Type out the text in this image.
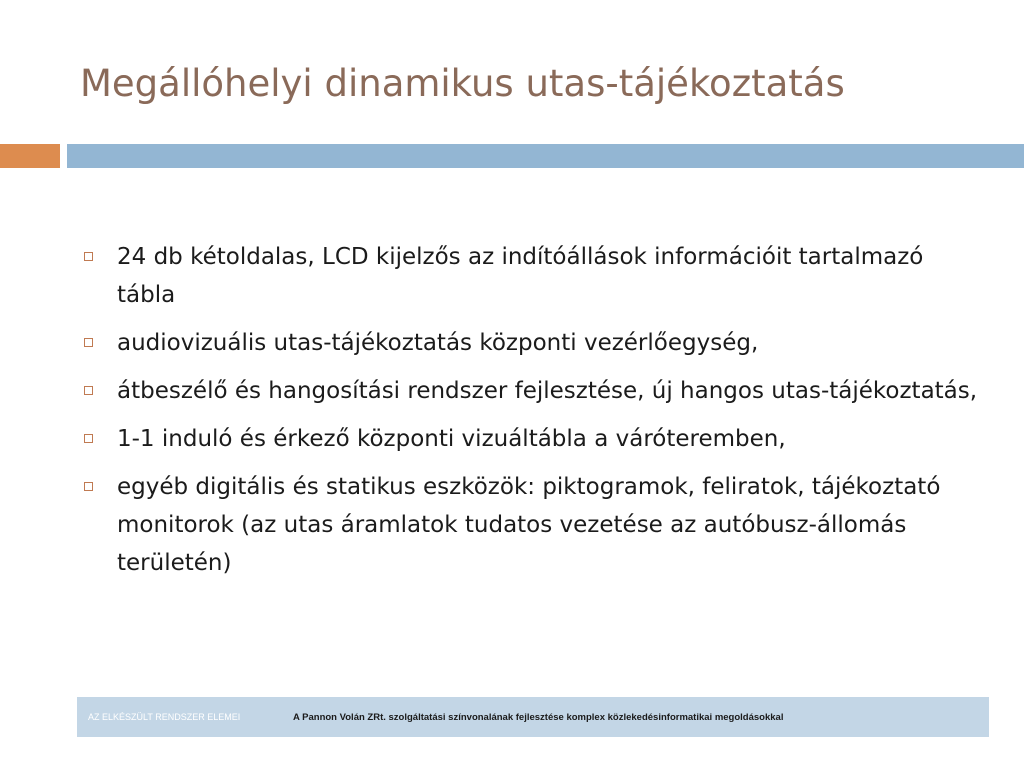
Megállóhelyi dinamikus utas-tájékoztatás
24 db kétoldalas, LCD kijelzős az indítóállások információit tartalmazó tábla
audiovizuális utas-tájékoztatás központi vezérlőegység,
átbeszélő és hangosítási rendszer fejlesztése, új hangos utas-tájékoztatás,
1-1 induló és érkező központi vizuáltábla a váróteremben,
egyéb digitális és statikus eszközök: piktogramok, feliratok, tájékoztató monitorok (az utas áramlatok tudatos vezetése az autóbusz-állomás területén)
AZ ELKÉSZÜLT RENDSZER ELEMEI	A Pannon Volán ZRt. szolgáltatási színvonalának fejlesztése komplex közlekedésinformatikai megoldásokkal
